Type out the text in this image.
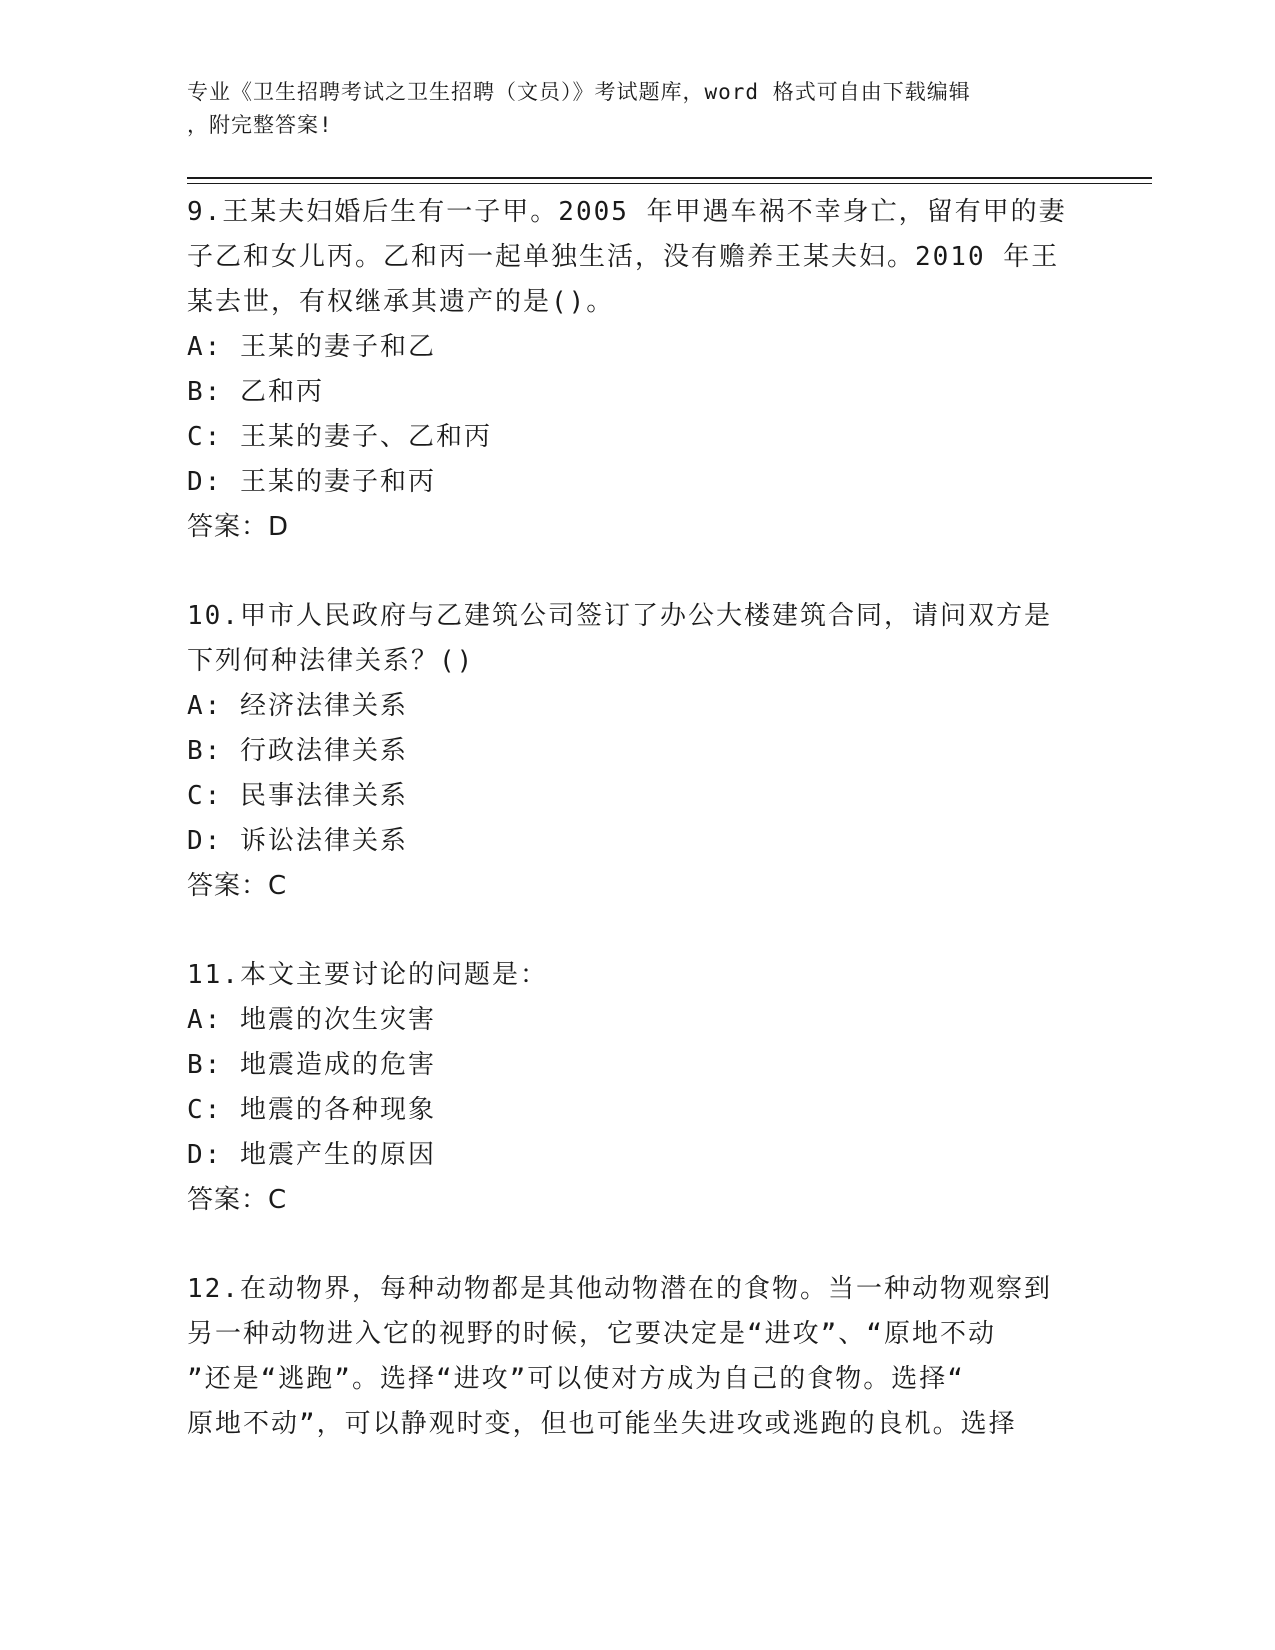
专业《卫生招聘考试之卫生招聘（文员）》考试题库，word 格式可自由下载编辑
，附完整答案!
9.王某夫妇婚后生有一子甲。2005 年甲遇车祸不幸身亡，留有甲的妻
子乙和女儿丙。乙和丙一起单独生活，没有赡养王某夫妇。2010 年王
某去世，有权继承其遗产的是()。
A: 王某的妻子和乙
B: 乙和丙
C: 王某的妻子、乙和丙
D: 王某的妻子和丙
答案：D
10.甲市人民政府与乙建筑公司签订了办公大楼建筑合同，请问双方是
下列何种法律关系？()
A: 经济法律关系
B: 行政法律关系
C: 民事法律关系
D: 诉讼法律关系
答案：C
11.本文主要讨论的问题是：
A: 地震的次生灾害
B: 地震造成的危害
C: 地震的各种现象
D: 地震产生的原因
答案：C
12.在动物界，每种动物都是其他动物潜在的食物。当一种动物观察到
另一种动物进入它的视野的时候，它要决定是“进攻”、“原地不动
”还是“逃跑”。选择“进攻”可以使对方成为自己的食物。选择“
原地不动”，可以静观时变，但也可能坐失进攻或逃跑的良机。选择
